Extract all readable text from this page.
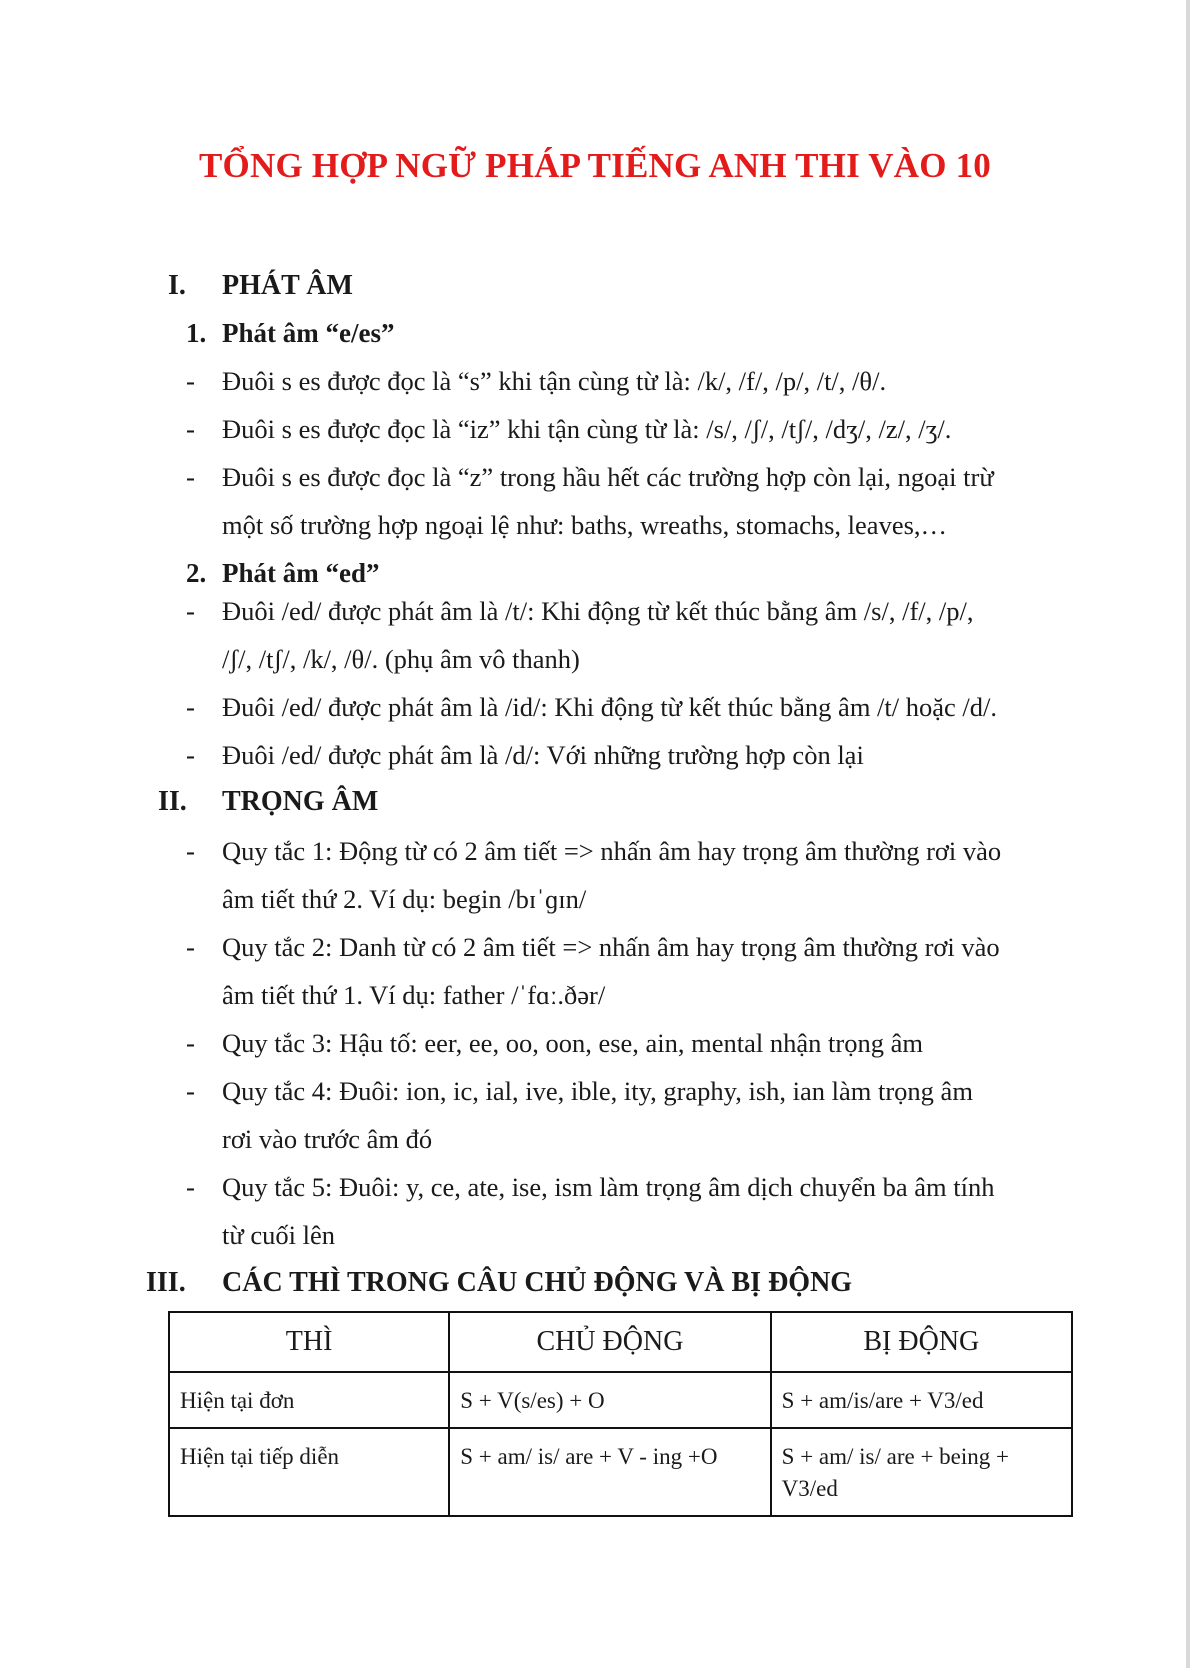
TỔNG HỢP NGỮ PHÁP TIẾNG ANH THI VÀO 10
I. PHÁT ÂM
1. Phát âm “e/es”
- Đuôi s es được đọc là “s” khi tận cùng từ là: /k/, /f/, /p/, /t/, /θ/.
- Đuôi s es được đọc là “iz” khi tận cùng từ là: /s/, /ʃ/, /tʃ/, /dʒ/, /z/, /ʒ/.
- Đuôi s es được đọc là “z” trong hầu hết các trường hợp còn lại, ngoại trừ
một số trường hợp ngoại lệ như: baths, wreaths, stomachs, leaves,…
2. Phát âm “ed”
- Đuôi /ed/ được phát âm là /t/: Khi động từ kết thúc bằng âm /s/, /f/, /p/,
/ʃ/, /tʃ/, /k/, /θ/. (phụ âm vô thanh)
- Đuôi /ed/ được phát âm là /id/: Khi động từ kết thúc bằng âm /t/ hoặc /d/.
- Đuôi /ed/ được phát âm là /d/: Với những trường hợp còn lại
II. TRỌNG ÂM
- Quy tắc 1: Động từ có 2 âm tiết => nhấn âm hay trọng âm thường rơi vào
âm tiết thứ 2. Ví dụ: begin /bɪˈɡɪn/
- Quy tắc 2: Danh từ có 2 âm tiết => nhấn âm hay trọng âm thường rơi vào
âm tiết thứ 1. Ví dụ: father /ˈfɑː.ðər/
- Quy tắc 3: Hậu tố: eer, ee, oo, oon, ese, ain, mental nhận trọng âm
- Quy tắc 4: Đuôi: ion, ic, ial, ive, ible, ity, graphy, ish, ian làm trọng âm
rơi vào trước âm đó
- Quy tắc 5: Đuôi: y, ce, ate, ise, ism làm trọng âm dịch chuyển ba âm tính
từ cuối lên
III. CÁC THÌ TRONG CÂU CHỦ ĐỘNG VÀ BỊ ĐỘNG
THÌ	CHỦ ĐỘNG	BỊ ĐỘNG
Hiện tại đơn	S + V(s/es) + O	S + am/is/are + V3/ed
Hiện tại tiếp diễn	S + am/ is/ are + V - ing +O	S + am/ is/ are + being + V3/ed
